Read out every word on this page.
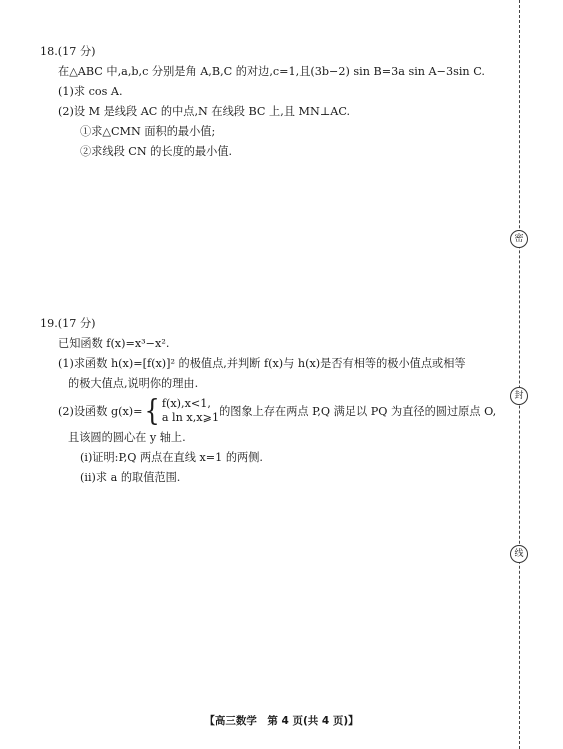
18.(17 分)
在△ABC 中,a,b,c 分别是角 A,B,C 的对边,c=1,且(3b−2) sin B=3a sin A−3sin C.
(1)求 cos A.
(2)设 M 是线段 AC 的中点,N 在线段 BC 上,且 MN⊥AC.
①求△CMN 面积的最小值;
②求线段 CN 的长度的最小值.
19.(17 分)
已知函数 f(x)=x³−x².
(1)求函数 h(x)=[f(x)]² 的极值点,并判断 f(x)与 h(x)是否有相等的极小值点或相等
的极大值点,说明你的理由.
(2)设函数 g(x)= { f(x),x<1,
a ln x,x⩾1 的图象上存在两点 P,Q 满足以 PQ 为直径的圆过原点 O,
且该圆的圆心在 y 轴上.
(ⅰ)证明:P,Q 两点在直线 x=1 的两侧.
(ⅱ)求 a 的取值范围.
密
封
线
【高三数学　第 4 页(共 4 页)】
